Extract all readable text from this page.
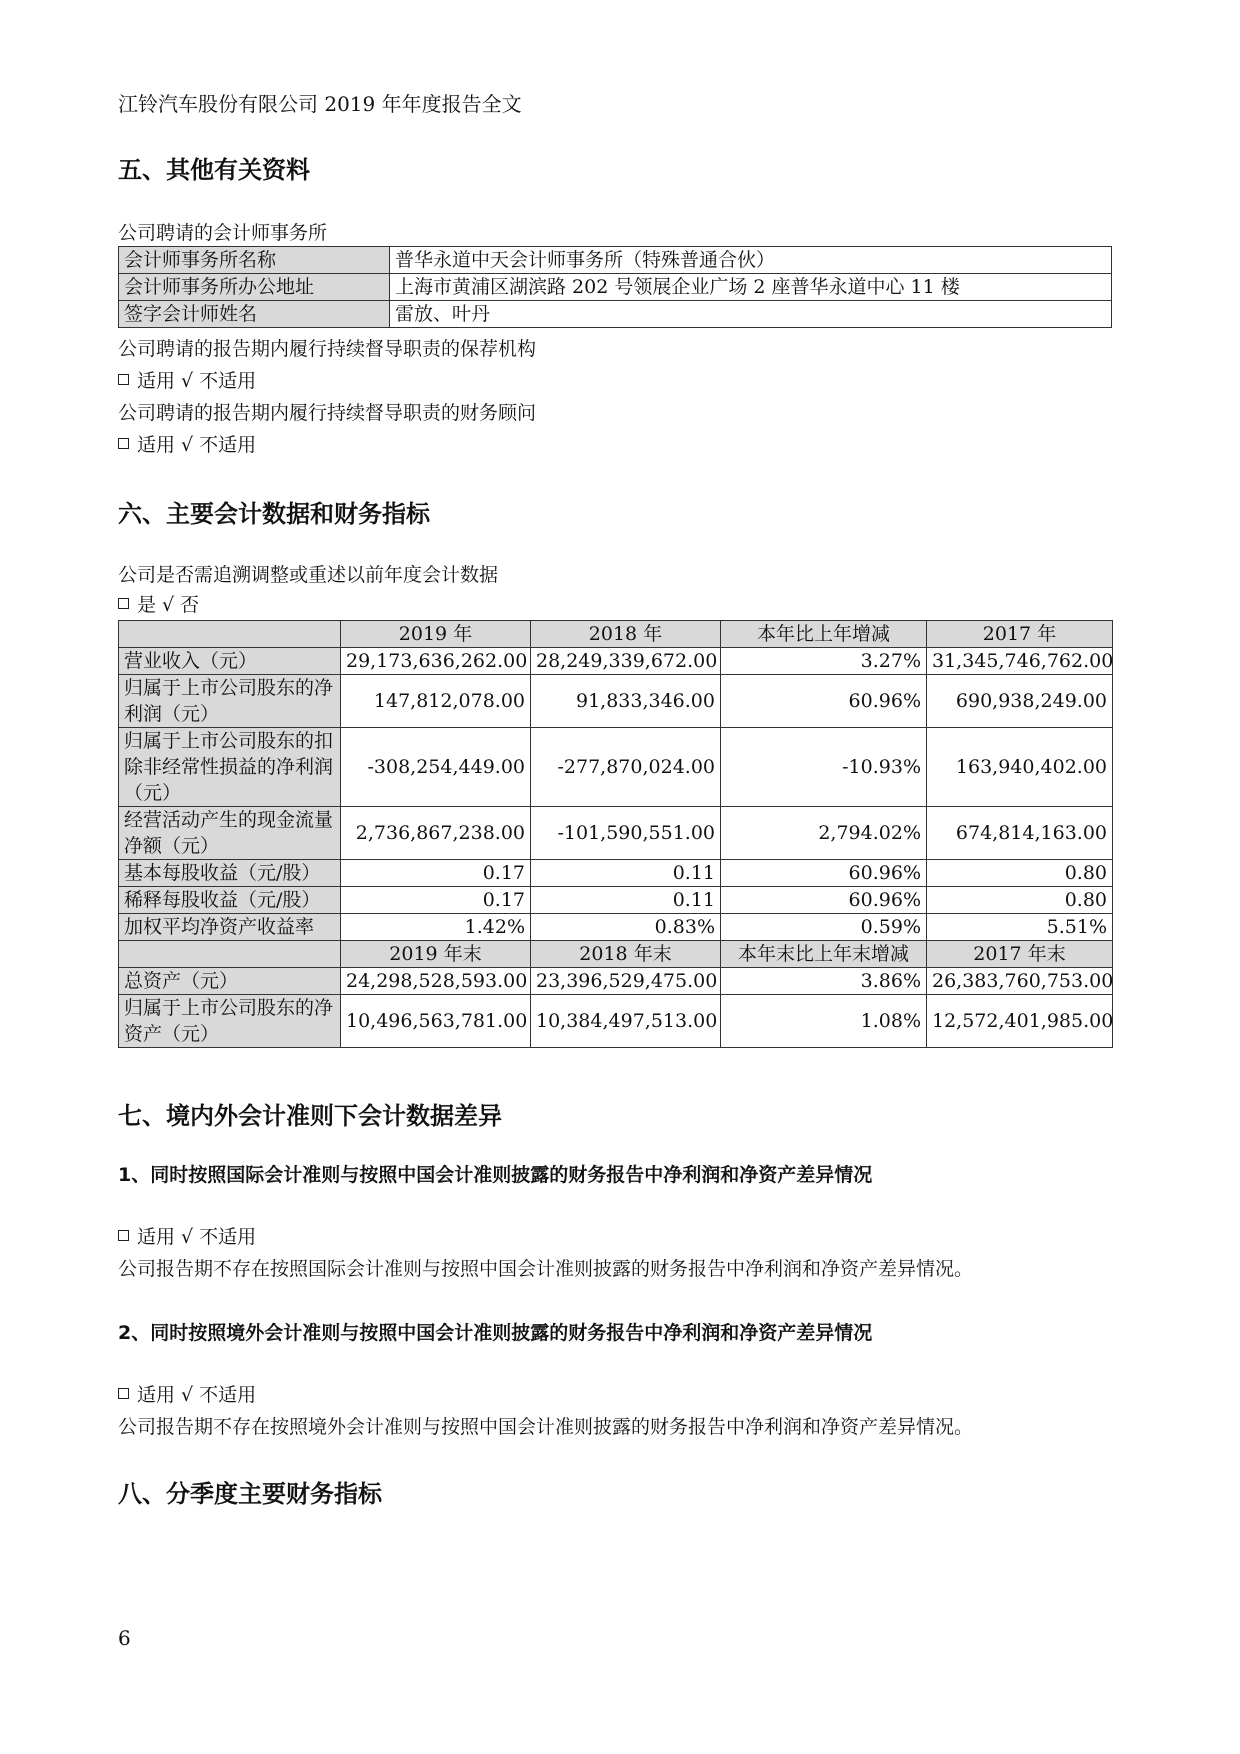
江铃汽车股份有限公司 2019 年年度报告全文
五、其他有关资料
公司聘请的会计师事务所
会计师事务所名称	普华永道中天会计师事务所（特殊普通合伙）
会计师事务所办公地址	上海市黄浦区湖滨路 202 号领展企业广场 2 座普华永道中心 11 楼
签字会计师姓名	雷放、叶丹
公司聘请的报告期内履行持续督导职责的保荐机构
适用 √ 不适用
公司聘请的报告期内履行持续督导职责的财务顾问
适用 √ 不适用
六、主要会计数据和财务指标
公司是否需追溯调整或重述以前年度会计数据
是 √ 否
	2019 年	2018 年	本年比上年增减	2017 年
营业收入（元）	29,173,636,262.00	28,249,339,672.00	3.27%	31,345,746,762.00
归属于上市公司股东的净利润（元）	147,812,078.00	91,833,346.00	60.96%	690,938,249.00
归属于上市公司股东的扣除非经常性损益的净利润（元）	-308,254,449.00	-277,870,024.00	-10.93%	163,940,402.00
经营活动产生的现金流量净额（元）	2,736,867,238.00	-101,590,551.00	2,794.02%	674,814,163.00
基本每股收益（元/股）	0.17	0.11	60.96%	0.80
稀释每股收益（元/股）	0.17	0.11	60.96%	0.80
加权平均净资产收益率	1.42%	0.83%	0.59%	5.51%
	2019 年末	2018 年末	本年末比上年末增减	2017 年末
总资产（元）	24,298,528,593.00	23,396,529,475.00	3.86%	26,383,760,753.00
归属于上市公司股东的净资产（元）	10,496,563,781.00	10,384,497,513.00	1.08%	12,572,401,985.00
七、境内外会计准则下会计数据差异
1、同时按照国际会计准则与按照中国会计准则披露的财务报告中净利润和净资产差异情况
适用 √ 不适用
公司报告期不存在按照国际会计准则与按照中国会计准则披露的财务报告中净利润和净资产差异情况。
2、同时按照境外会计准则与按照中国会计准则披露的财务报告中净利润和净资产差异情况
适用 √ 不适用
公司报告期不存在按照境外会计准则与按照中国会计准则披露的财务报告中净利润和净资产差异情况。
八、分季度主要财务指标
6
